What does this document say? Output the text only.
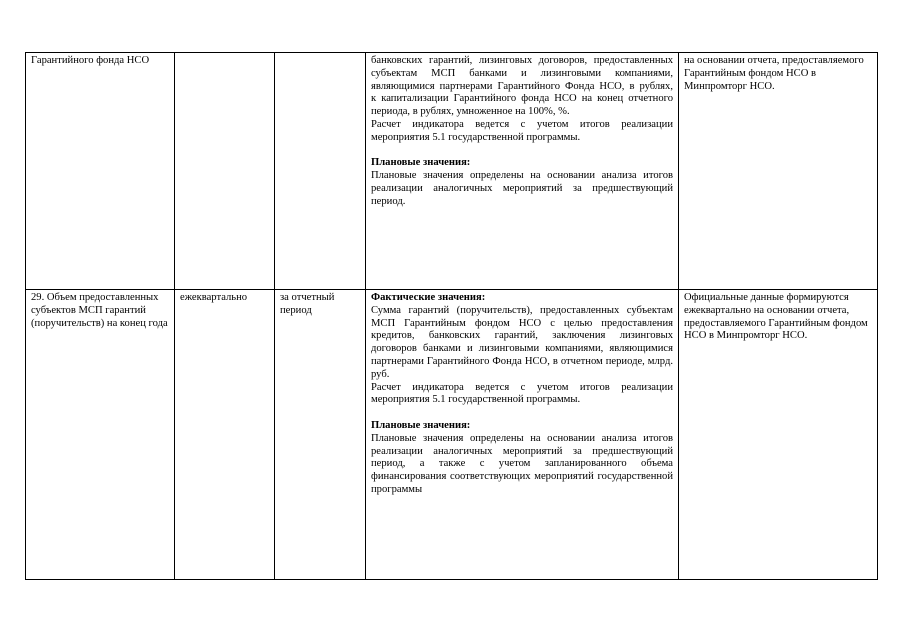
Гарантийного фонда НСО			банковских гарантий, лизинговых договоров, предоставленных субъектам МСП банками и лизинговыми компаниями, являющимися партнерами Гарантийного Фонда НСО, в рублях,

к капитализации Гарантийного фонда НСО на конец отчетного периода, в рублях, умноженное на 100%, %.

Расчет индикатора ведется с учетом итогов реализации мероприятия 5.1 государственной программы.

Плановые значения:

Плановые значения определены на основании анализа итогов реализации аналогичных мероприятий за предшествующий период.	на основании отчета, предоставляемого Гарантийным фондом НСО в Минпромторг НСО.
29. Объем предоставленных субъектов МСП гарантий (поручительств) на конец года	ежеквартально	за отчетный период	Фактические значения:

Сумма гарантий (поручительств), предоставленных субъектам МСП Гарантийным фондом НСО с целью предоставления кредитов, банковских гарантий, заключения лизинговых договоров банками и лизинговыми компаниями, являющимися партнерами Гарантийного Фонда НСО, в отчетном периоде, млрд. руб.

Расчет индикатора ведется с учетом итогов реализации мероприятия 5.1 государственной программы.

Плановые значения:

Плановые значения определены на основании анализа итогов реализации аналогичных мероприятий за предшествующий период, а также с учетом запланированного объема финансирования соответствующих мероприятий государственной программы	Официальные данные формируются ежеквартально на основании отчета, предоставляемого Гарантийным фондом НСО в Минпромторг НСО.
